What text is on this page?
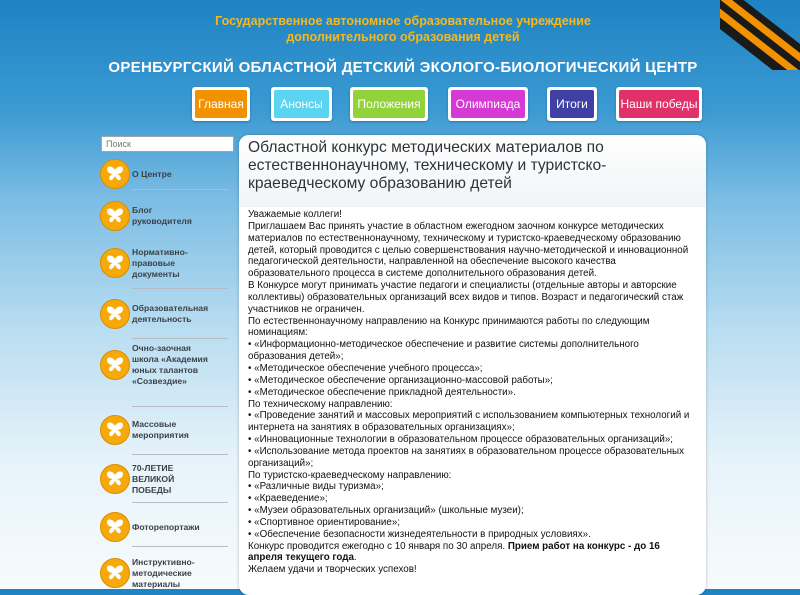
Государственное автономное образовательное учреждение
дополнительного образования детей
ОРЕНБУРГСКИЙ ОБЛАСТНОЙ ДЕТСКИЙ ЭКОЛОГО-БИОЛОГИЧЕСКИЙ ЦЕНТР
Главная	Анонсы	Положения	Олимпиада	Итоги	Наши победы
Поиск
О Центре
Блог
руководителя
Нормативно-
правовые
документы
Образовательная
деятельность
Очно-заочная
школа «Академия
юных талантов
«Созвездие»
Массовые
мероприятия
70-ЛЕТИЕ
ВЕЛИКОЙ
ПОБЕДЫ
Фоторепортажи
Инструктивно-
методические
материалы
Областной конкурс методических материалов по естественнонаучному, техническому и туристско-краеведческому образованию детей
Уважаемые коллеги!
Приглашаем Вас принять участие в областном ежегодном заочном конкурсе методических
материалов по естественнонаучному, техническому и туристско-краеведческому образованию
детей, который проводится с целью совершенствования научно-методической и инновационной
педагогической деятельности, направленной на обеспечение высокого качества
образовательного процесса в системе дополнительного образования детей.
В Конкурсе могут принимать участие педагоги и специалисты (отдельные авторы и авторские
коллективы) образовательных организаций всех видов и типов. Возраст и педагогический стаж
участников не ограничен.
По естественнонаучному направлению на Конкурс принимаются работы по следующим
номинациям:
• «Информационно-методическое обеспечение и развитие системы дополнительного
образования детей»;
• «Методическое обеспечение учебного процесса»;
• «Методическое обеспечение организационно-массовой работы»;
• «Методическое обеспечение прикладной деятельности».
По техническому направлению:
• «Проведение занятий и массовых мероприятий с использованием компьютерных технологий и
интернета на занятиях в образовательных организациях»;
• «Инновационные технологии в образовательном процессе образовательных организаций»;
• «Использование метода проектов на занятиях в образовательном процессе образовательных
организаций»;
По туристско-краеведческому направлению:
• «Различные виды туризма»;
• «Краеведение»;
• «Музеи образовательных организаций» (школьные музеи);
• «Спортивное ориентирование»;
• «Обеспечение безопасности жизнедеятельности в природных условиях».
Конкурс проводится ежегодно с 10 января по 30 апреля. Прием работ на конкурс - до 16
апреля текущего года.
Желаем удачи и творческих успехов!
